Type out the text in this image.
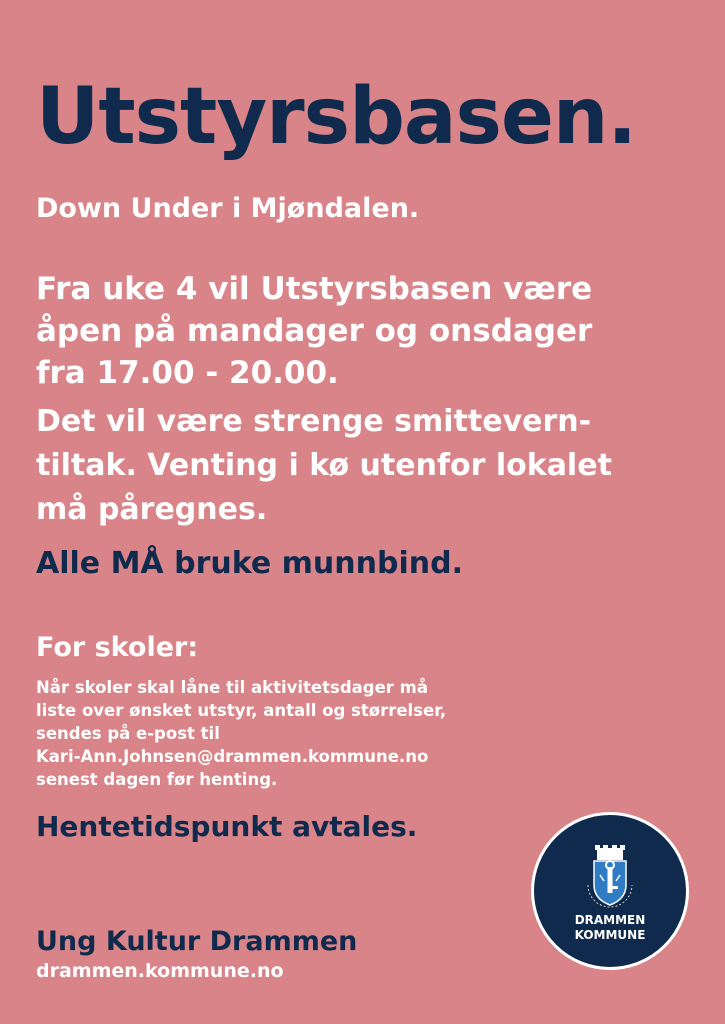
Utstyrsbasen.

Down Under i Mjøndalen.

Fra uke 4 vil Utstyrsbasen være
åpen på mandager og onsdager
fra 17.00 - 20.00.
Det vil være strenge smittevern-
tiltak. Venting i kø utenfor lokalet
må påregnes.

Alle MÅ bruke munnbind.

For skoler:

Når skoler skal låne til aktivitetsdager må
liste over ønsket utstyr, antall og størrelser,
sendes på e-post til
Kari-Ann.Johnsen@drammen.kommune.no
senest dagen før henting.

Hentetidspunkt avtales.

Ung Kultur Drammen

drammen.kommune.no

DRAMMEN
KOMMUNE
